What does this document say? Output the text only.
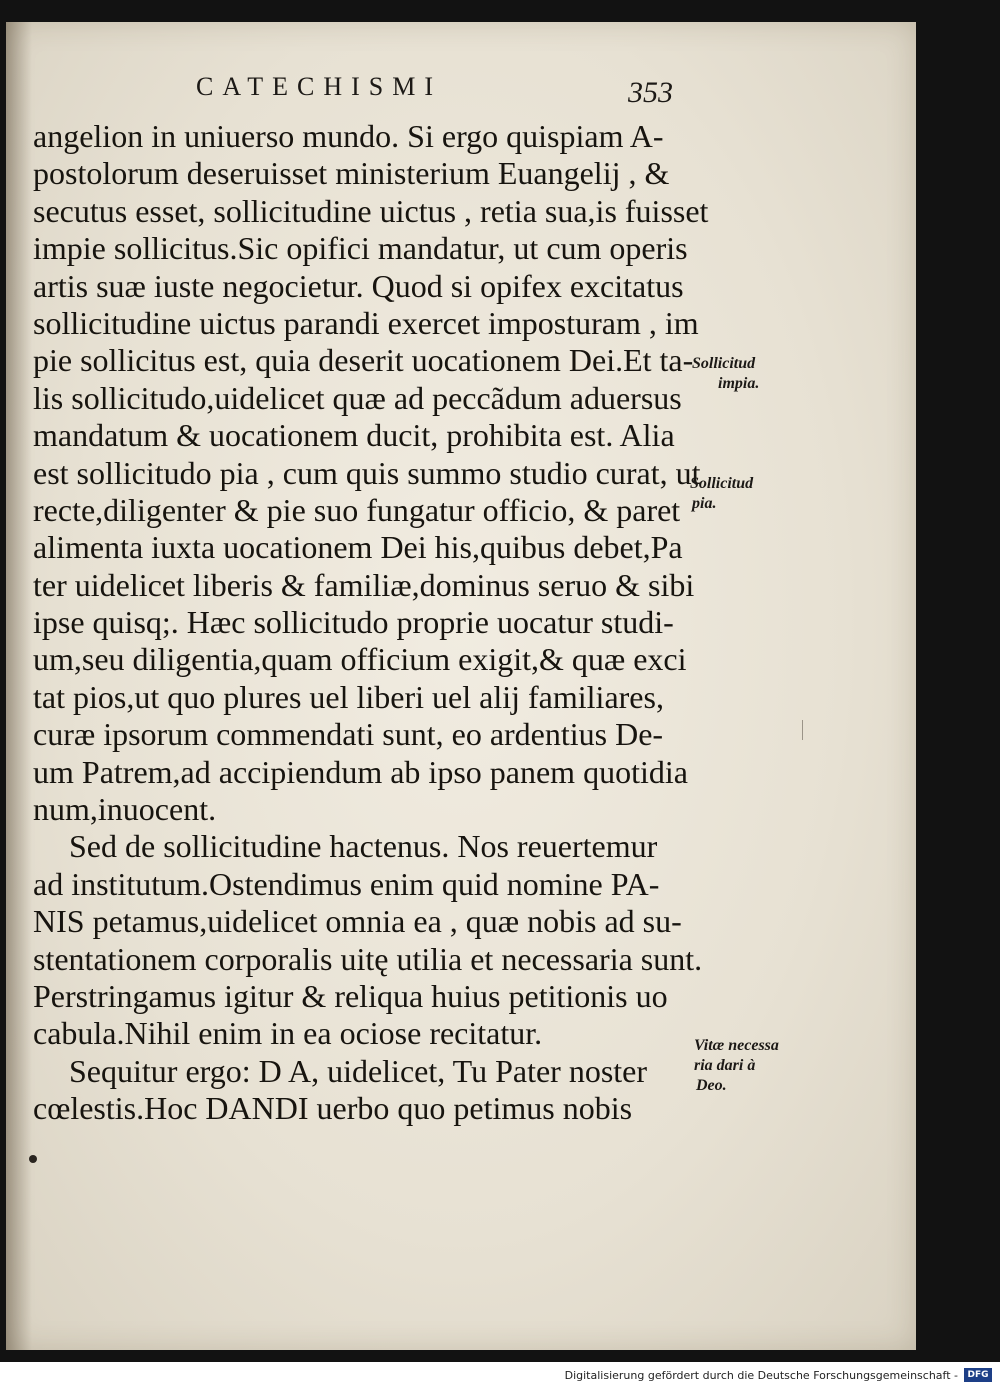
CATECHISMI	353
angelion in uniuerso mundo. Si ergo quispiam A-
postolorum deseruisset ministerium Euangelij , &
secutus esset, sollicitudine uictus , retia sua,is fuisset
impie sollicitus.Sic opifici mandatur, ut cum operis
artis suæ iuste negocietur. Quod si opifex excitatus
sollicitudine uictus parandi exercet imposturam , im
pie sollicitus est, quia deserit uocationem Dei.Et ta-
lis sollicitudo,uidelicet quæ ad peccãdum aduersus
mandatum & uocationem ducit, prohibita est. Alia
est sollicitudo pia , cum quis summo studio curat, ut
recte,diligenter & pie suo fungatur officio, & paret
alimenta iuxta uocationem Dei his,quibus debet,Pa
ter uidelicet liberis & familiæ,dominus seruo & sibi
ipse quisq;. Hæc sollicitudo proprie uocatur studi-
um,seu diligentia,quam officium exigit,& quæ exci
tat pios,ut quo plures uel liberi uel alij familiares,
curæ ipsorum commendati sunt, eo ardentius De-
um Patrem,ad accipiendum ab ipso panem quotidia
num,inuocent.
Sed de sollicitudine hactenus. Nos reuertemur
ad institutum.Ostendimus enim quid nomine PA-
NIS petamus,uidelicet omnia ea , quæ nobis ad su-
stentationem corporalis uitę utilia et necessaria sunt.
Perstringamus igitur & reliqua huius petitionis uo
cabula.Nihil enim in ea ociose recitatur.
Sequitur ergo: D A, uidelicet, Tu Pater noster
cœlestis.Hoc DANDI uerbo quo petimus nobis
Sollicitud
impia.
Sollicitud
pia.
Vitæ necessa
ria dari à
Deo.
Digitalisierung gefördert durch die Deutsche Forschungsgemeinschaft -	DFG
